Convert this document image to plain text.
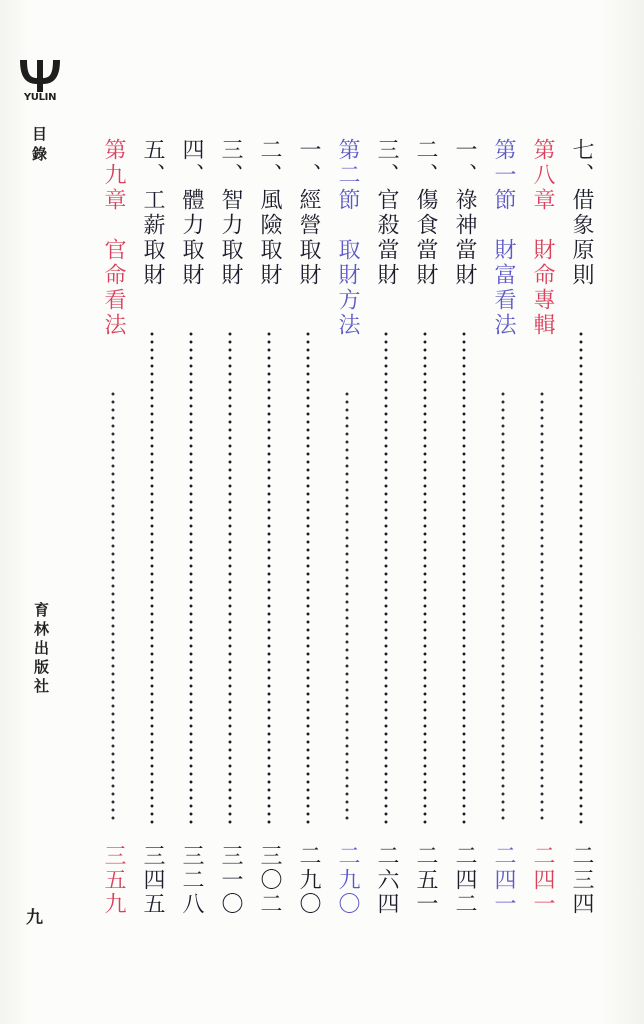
YULIN
目錄
育林出版社
九
七、借象原則
二三四
第八章　財命專輯
二四一
第一節　財富看法
二四一
一、祿神當財
二四二
二、傷食當財
二五一
三、官殺當財
二六四
第二節　取財方法
二九〇
一、經營取財
二九〇
二、風險取財
三〇二
三、智力取財
三一〇
四、體力取財
三二八
五、工薪取財
三四五
第九章　官命看法
三五九
